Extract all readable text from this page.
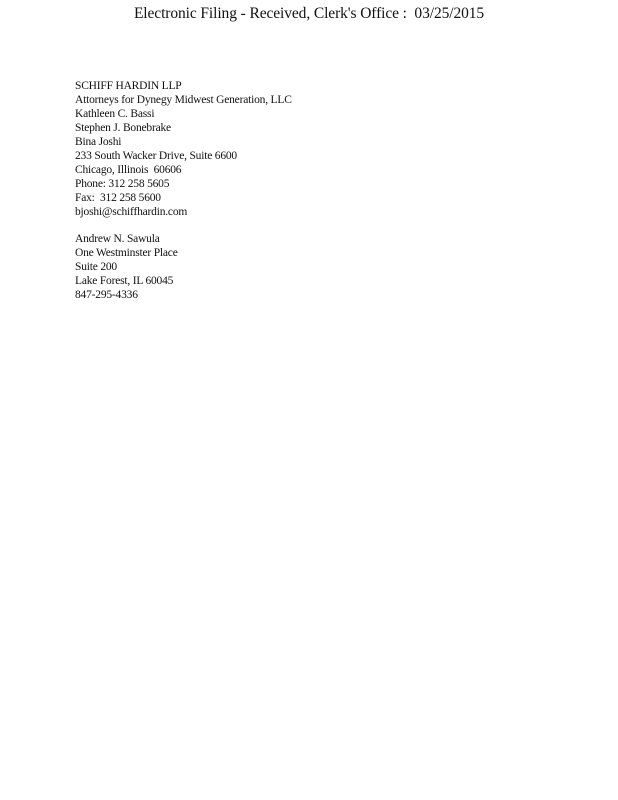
Electronic Filing - Received, Clerk's Office :  03/25/2015
SCHIFF HARDIN LLP
Attorneys for Dynegy Midwest Generation, LLC
Kathleen C. Bassi
Stephen J. Bonebrake
Bina Joshi
233 South Wacker Drive, Suite 6600
Chicago, Illinois  60606
Phone: 312 258 5605
Fax:  312 258 5600
bjoshi@schiffhardin.com
Andrew N. Sawula
One Westminster Place
Suite 200
Lake Forest, IL 60045
847-295-4336
